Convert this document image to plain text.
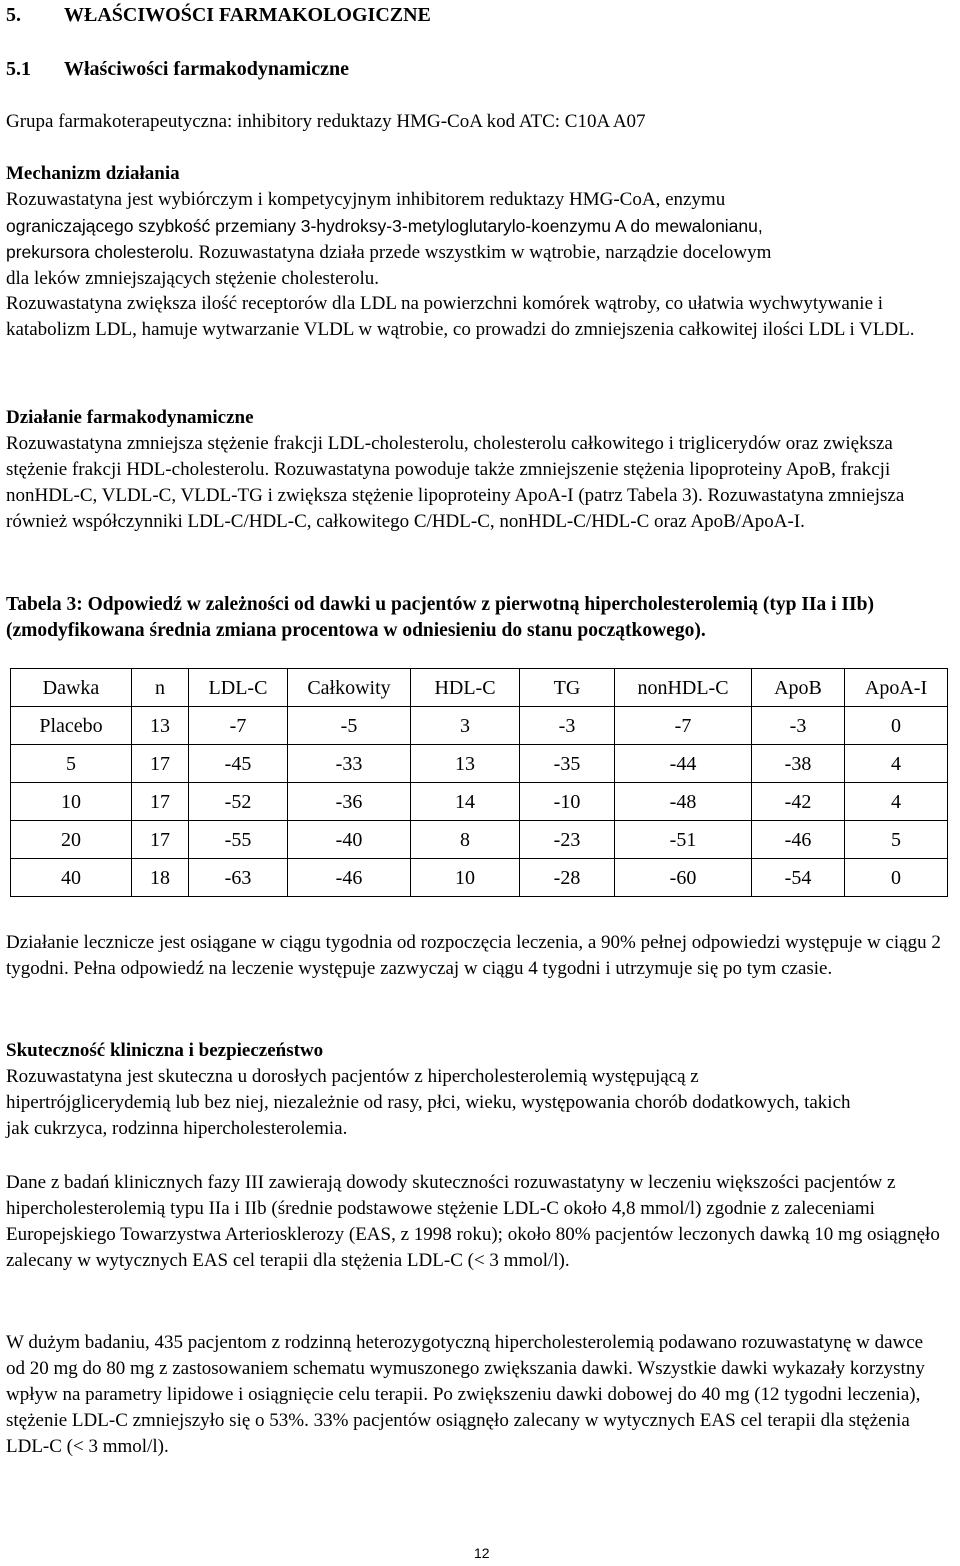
5. WŁAŚCIWOŚCI FARMAKOLOGICZNE
5.1 Właściwości farmakodynamiczne

Grupa farmakoterapeutyczna: inhibitory reduktazy HMG-CoA kod ATC: C10A A07

Mechanizm działania

Rozuwastatyna jest wybiórczym i kompetycyjnym inhibitorem reduktazy HMG-CoA, enzymu
ograniczającego szybkość przemiany 3-hydroksy-3-metyloglutarylo-koenzymu A do mewalonianu,
prekursora cholesterolu. Rozuwastatyna działa przede wszystkim w wątrobie, narządzie docelowym
dla leków zmniejszających stężenie cholesterolu.

Rozuwastatyna zwiększa ilość receptorów dla LDL na powierzchni komórek wątroby, co ułatwia wychwytywanie i katabolizm LDL, hamuje wytwarzanie VLDL w wątrobie, co prowadzi do zmniejszenia całkowitej ilości LDL i VLDL.

Działanie farmakodynamiczne

Rozuwastatyna zmniejsza stężenie frakcji LDL-cholesterolu, cholesterolu całkowitego i triglicerydów oraz zwiększa stężenie frakcji HDL-cholesterolu. Rozuwastatyna powoduje także zmniejszenie stężenia lipoproteiny ApoB, frakcji nonHDL-C, VLDL-C, VLDL-TG i zwiększa stężenie lipoproteiny ApoA-I (patrz Tabela 3). Rozuwastatyna zmniejsza również współczynniki LDL-C/HDL-C, całkowitego C/HDL-C, nonHDL-C/HDL-C oraz ApoB/ApoA-I.

Tabela 3: Odpowiedź w zależności od dawki u pacjentów z pierwotną hipercholesterolemią (typ IIa i IIb) (zmodyfikowana średnia zmiana procentowa w odniesieniu do stanu początkowego).

Dawka	n	LDL-C	Całkowity	HDL-C	TG	nonHDL-C	ApoB	ApoA-I
Placebo	13	-7	-5	3	-3	-7	-3	0
5	17	-45	-33	13	-35	-44	-38	4
10	17	-52	-36	14	-10	-48	-42	4
20	17	-55	-40	8	-23	-51	-46	5
40	18	-63	-46	10	-28	-60	-54	0

Działanie lecznicze jest osiągane w ciągu tygodnia od rozpoczęcia leczenia, a 90% pełnej odpowiedzi występuje w ciągu 2 tygodni. Pełna odpowiedź na leczenie występuje zazwyczaj w ciągu 4 tygodni i utrzymuje się po tym czasie.

Skuteczność kliniczna i bezpieczeństwo

Rozuwastatyna jest skuteczna u dorosłych pacjentów z hipercholesterolemią występującą z hipertrójglicerydemią lub bez niej, niezależnie od rasy, płci, wieku, występowania chorób dodatkowych, takich jak cukrzyca, rodzinna hipercholesterolemia.

Dane z badań klinicznych fazy III zawierają dowody skuteczności rozuwastatyny w leczeniu większości pacjentów z hipercholesterolemią typu IIa i IIb (średnie podstawowe stężenie LDL-C około 4,8 mmol/l) zgodnie z zaleceniami Europejskiego Towarzystwa Arteriosklerozy (EAS, z 1998 roku); około 80% pacjentów leczonych dawką 10 mg osiągnęło zalecany w wytycznych EAS cel terapii dla stężenia LDL-C (< 3 mmol/l).

W dużym badaniu, 435 pacjentom z rodzinną heterozygotyczną hipercholesterolemią podawano rozuwastatynę w dawce od 20 mg do 80 mg z zastosowaniem schematu wymuszonego zwiększania dawki. Wszystkie dawki wykazały korzystny wpływ na parametry lipidowe i osiągnięcie celu terapii. Po zwiększeniu dawki dobowej do 40 mg (12 tygodni leczenia), stężenie LDL-C zmniejszyło się o 53%. 33% pacjentów osiągnęło zalecany w wytycznych EAS cel terapii dla stężenia LDL-C (< 3 mmol/l).

12
